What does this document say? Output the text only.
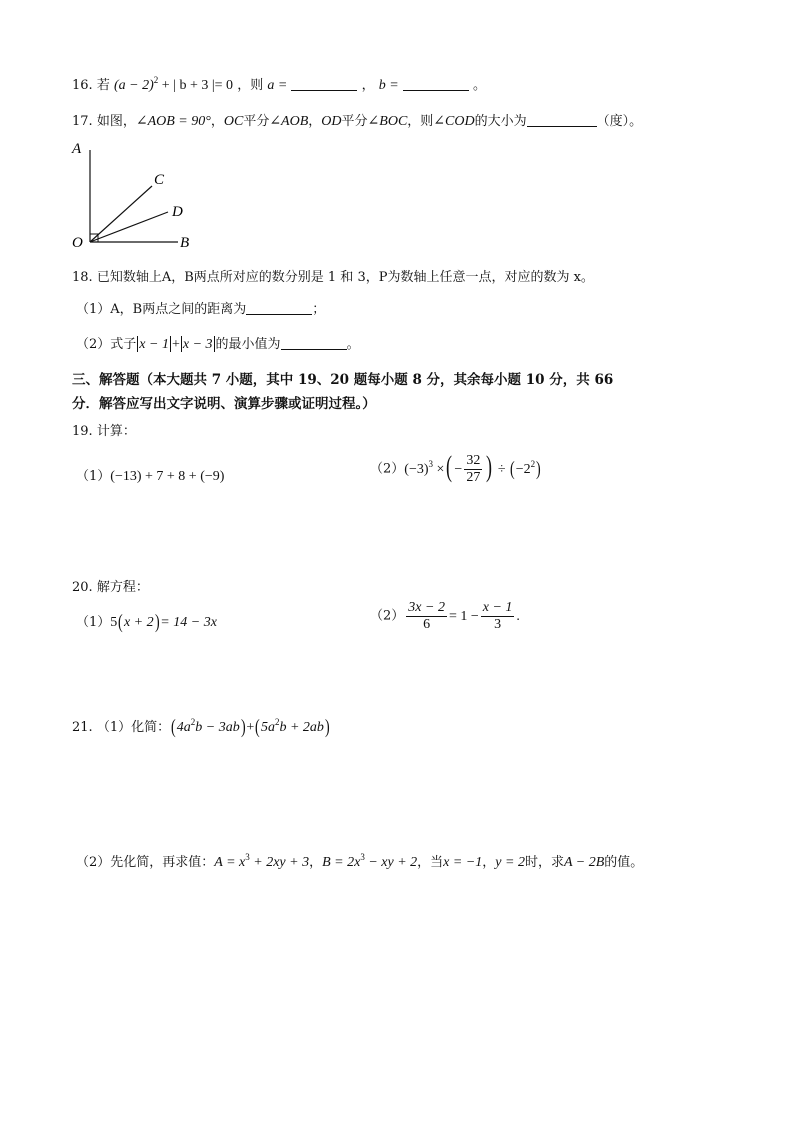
16. 若 $(a - 2)^2$ + | b + 3 |= 0 ，则 a =	， b =	。
17. 如图，∠AOB = 90°，OC平分∠AOB，OD平分∠BOC，则∠COD的大小为	（度）。
A
C
D
O	B
18. 已知数轴上A，B两点所对应的数分别是 1 和 3，P为数轴上任意一点，对应的数为 x。
（1）A，B两点之间的距离为	；
（2）式子 x − 1 + x − 3 的最小值为	。
三、解答题（本大题共 7 小题，其中 19、20 题每小题 8 分，其余每小题 10 分，共 66
分．解答应写出文字说明、演算步骤或证明过程。）
19. 计算：
（1）(−13) + 7 + 8 + (−9)	$(2)(-3)^3$ ×( − $\frac{32}{27}$ ) ÷ $(-2^2)$
20. 解方程：
（1）5(x + 2)= 14 − 3x	$(2) \frac{3x - 2}{6} = 1 - \frac{x - 1}{3}$ .
21. （1）化简：$(4a^2b - 3ab)+(5a^2b + 2ab)$
（2）先化简，再求值：$A = x^3 + 2xy + 3$，$B = 2x^3$ − xy + 2，当x = −1，y = 2时，求A − 2B的值。
